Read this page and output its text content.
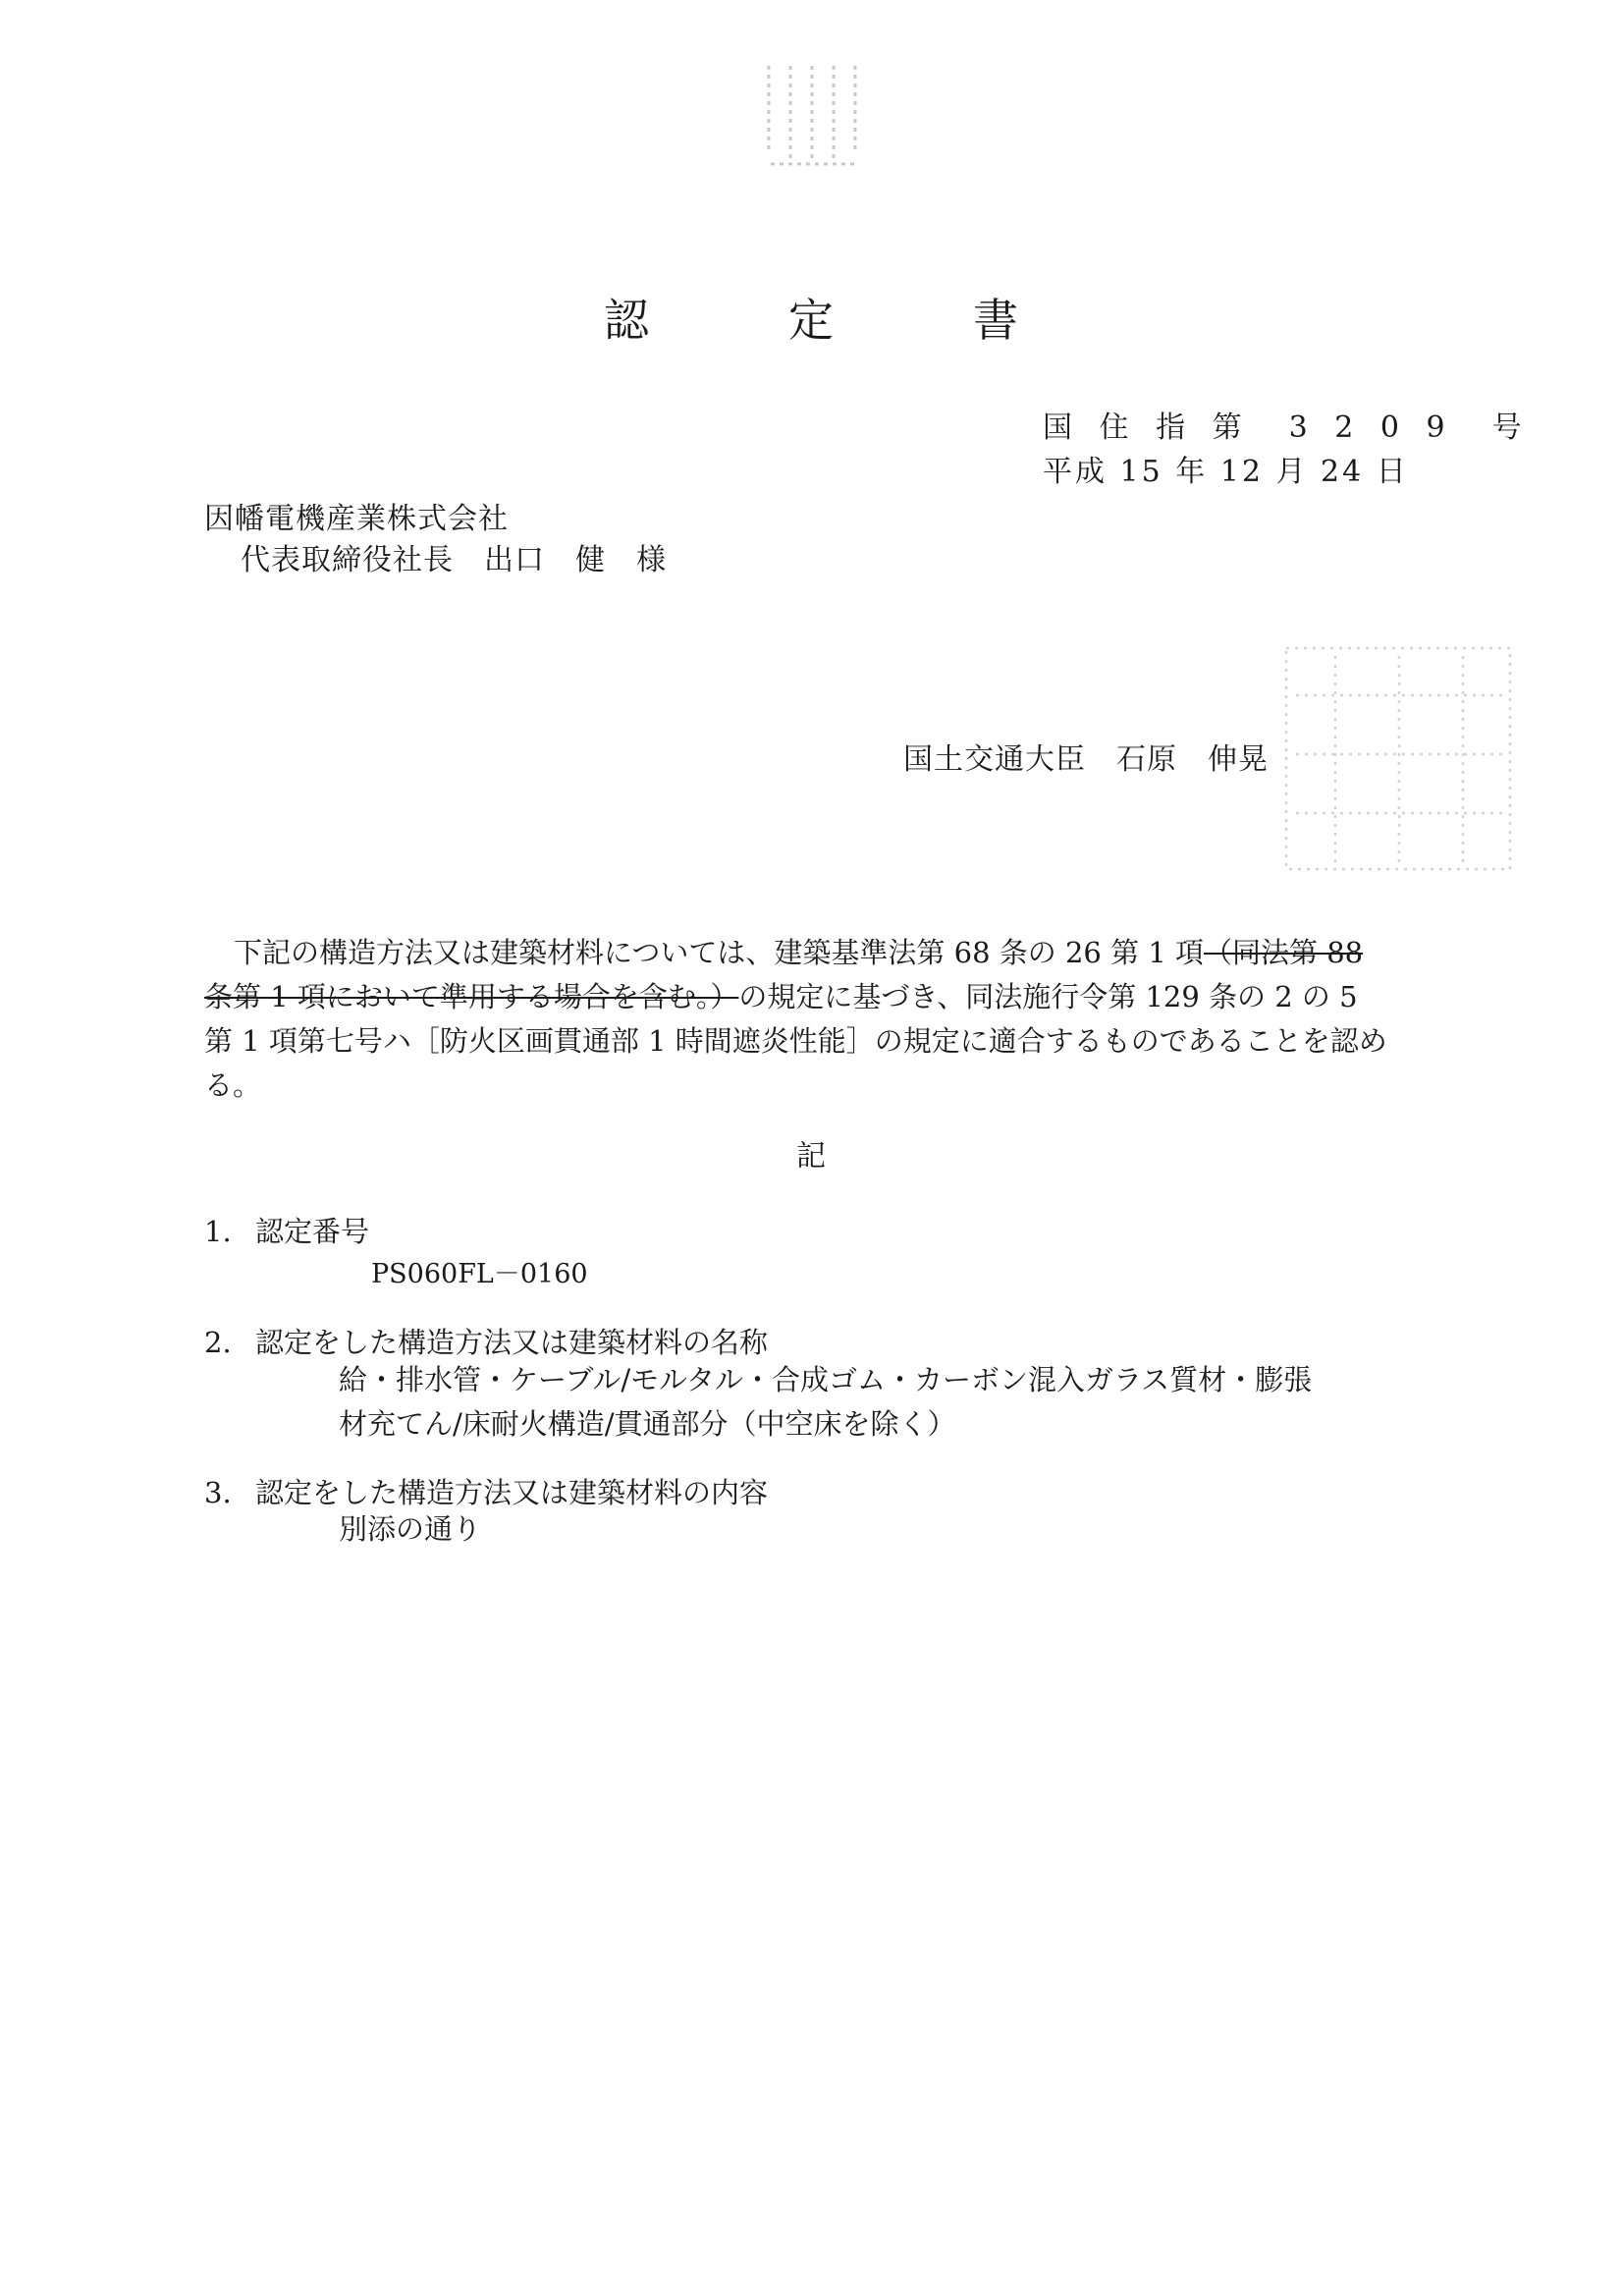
認　定　書
国 住 指 第　3 2 0 9　号
平成 15 年 12 月 24 日
因幡電機産業株式会社
代表取締役社長　出口　健　様
国土交通大臣　石原　伸晃
下記の構造方法又は建築材料については、建築基準法第 68 条の 26 第 1 項（同法第 88
条第 1 項において準用する場合を含む。）の規定に基づき、同法施行令第 129 条の 2 の 5
第 1 項第七号ハ［防火区画貫通部 1 時間遮炎性能］の規定に適合するものであることを認め
る。
記
1. 認定番号
PS060FL－0160
2. 認定をした構造方法又は建築材料の名称
給・排水管・ケーブル/モルタル・合成ゴム・カーボン混入ガラス質材・膨張
材充てん/床耐火構造/貫通部分（中空床を除く）
3. 認定をした構造方法又は建築材料の内容
別添の通り
